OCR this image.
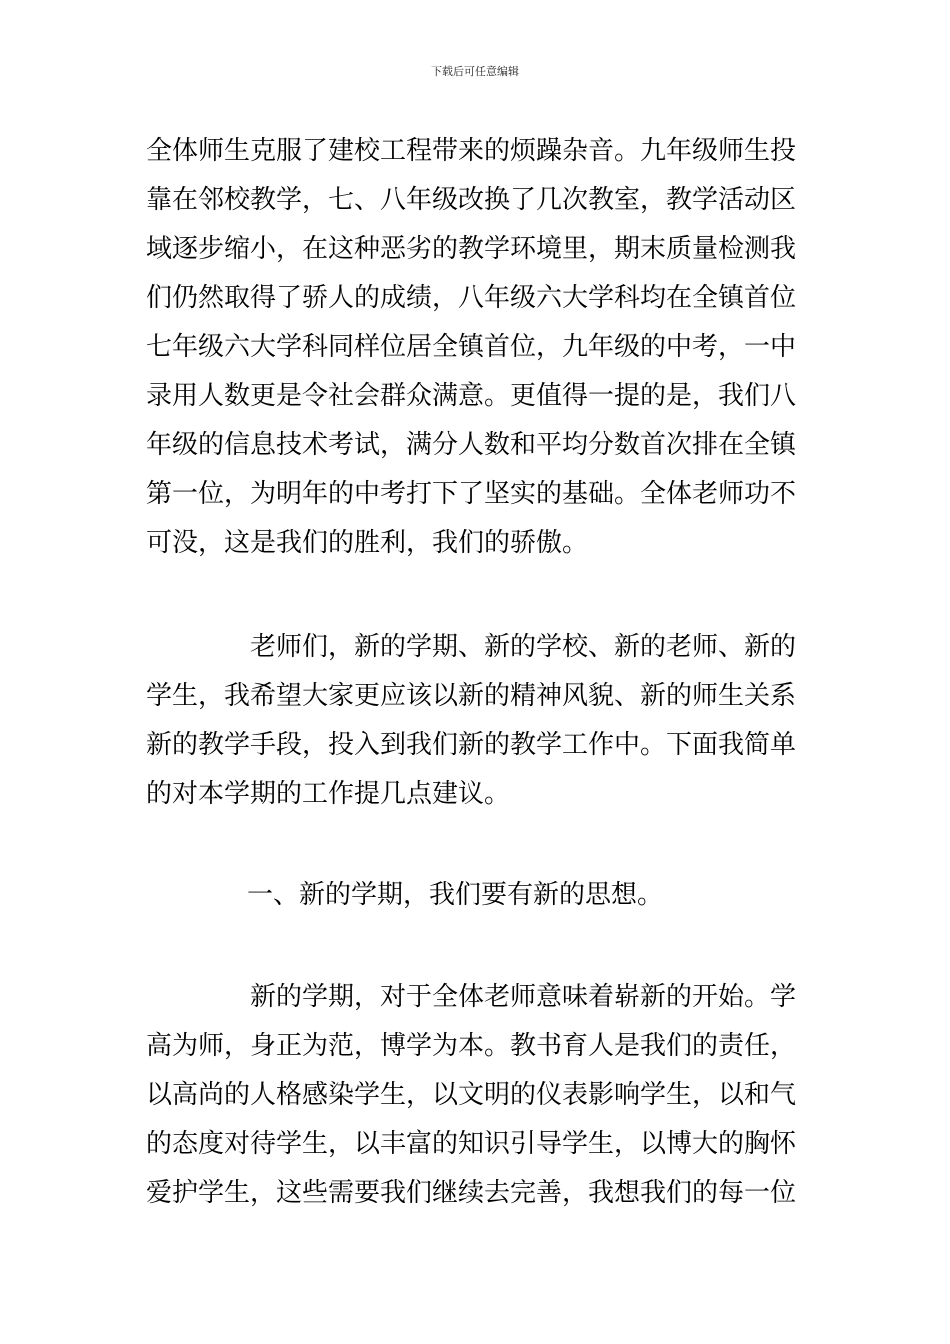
下载后可任意编辑
全体师生克服了建校工程带来的烦躁杂音。九年级师生投
靠在邻校教学，七、八年级改换了几次教室，教学活动区
域逐步缩小，在这种恶劣的教学环境里，期末质量检测我
们仍然取得了骄人的成绩，八年级六大学科均在全镇首位
七年级六大学科同样位居全镇首位，九年级的中考，一中
录用人数更是令社会群众满意。更值得一提的是，我们八
年级的信息技术考试，满分人数和平均分数首次排在全镇
第一位，为明年的中考打下了坚实的基础。全体老师功不
可没，这是我们的胜利，我们的骄傲。
老师们，新的学期、新的学校、新的老师、新的
学生，我希望大家更应该以新的精神风貌、新的师生关系
新的教学手段，投入到我们新的教学工作中。下面我简单
的对本学期的工作提几点建议。
一、新的学期，我们要有新的思想。
新的学期，对于全体老师意味着崭新的开始。学
高为师，身正为范，博学为本。教书育人是我们的责任，
以高尚的人格感染学生，以文明的仪表影响学生，以和气
的态度对待学生，以丰富的知识引导学生，以博大的胸怀
爱护学生，这些需要我们继续去完善，我想我们的每一位
